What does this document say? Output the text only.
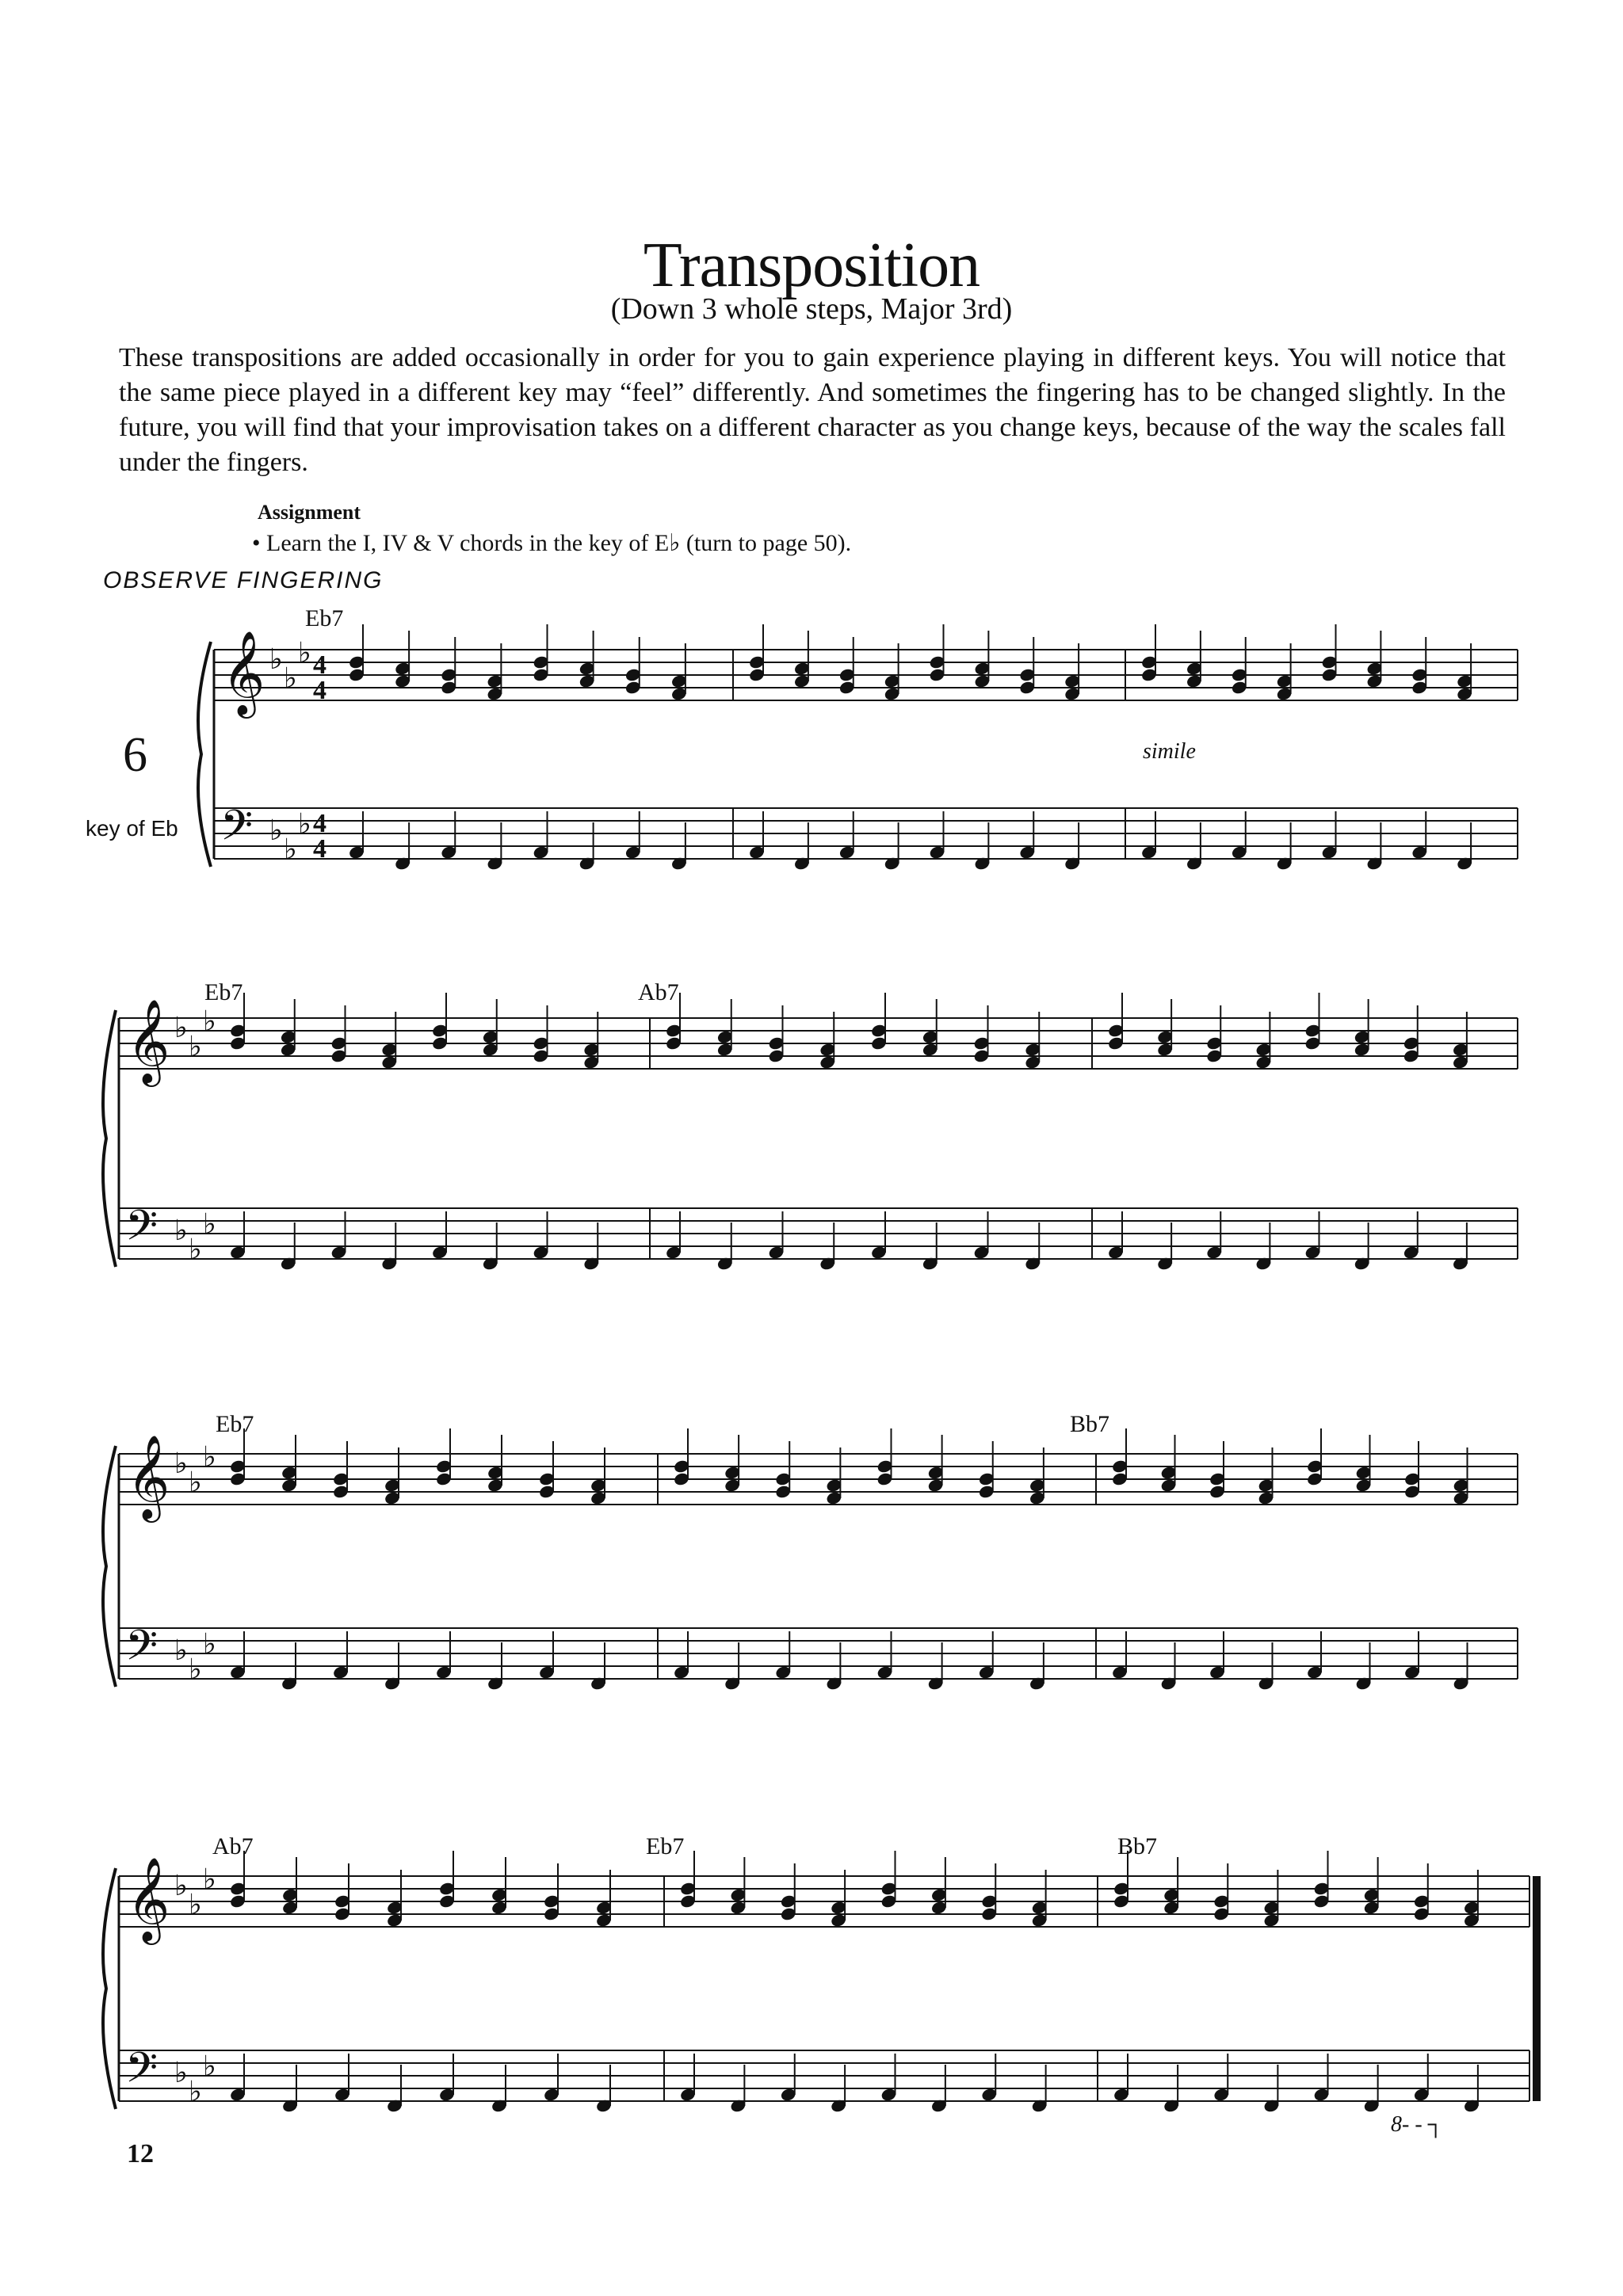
Transposition
(Down 3 whole steps, Major 3rd)
These transpositions are added occasionally in order for you to gain experience playing in different keys. You will notice that the same piece played in a different key may “feel” differently. And sometimes the fingering has to be changed slightly. In the future, you will find that your improvisation takes on a different character as you change keys, because of the way the scales fall under the fingers.
Assignment
• Learn the I, IV & V chords in the key of E♭ (turn to page 50).
OBSERVE FINGERING
6
key of Eb
12
Eb7
Eb7	Ab7
Eb7	Bb7
Ab7	Eb7	Bb7
simile
8- - ┐
𝄞
𝄢
♭
♭
♭
♭
♭
♭
4
4
4
4
𝄞
𝄢
♭
♭
♭
♭
♭
♭
𝄞
𝄢
♭
♭
♭
♭
♭
♭
𝄞
𝄢
♭
♭
♭
♭
♭
♭
